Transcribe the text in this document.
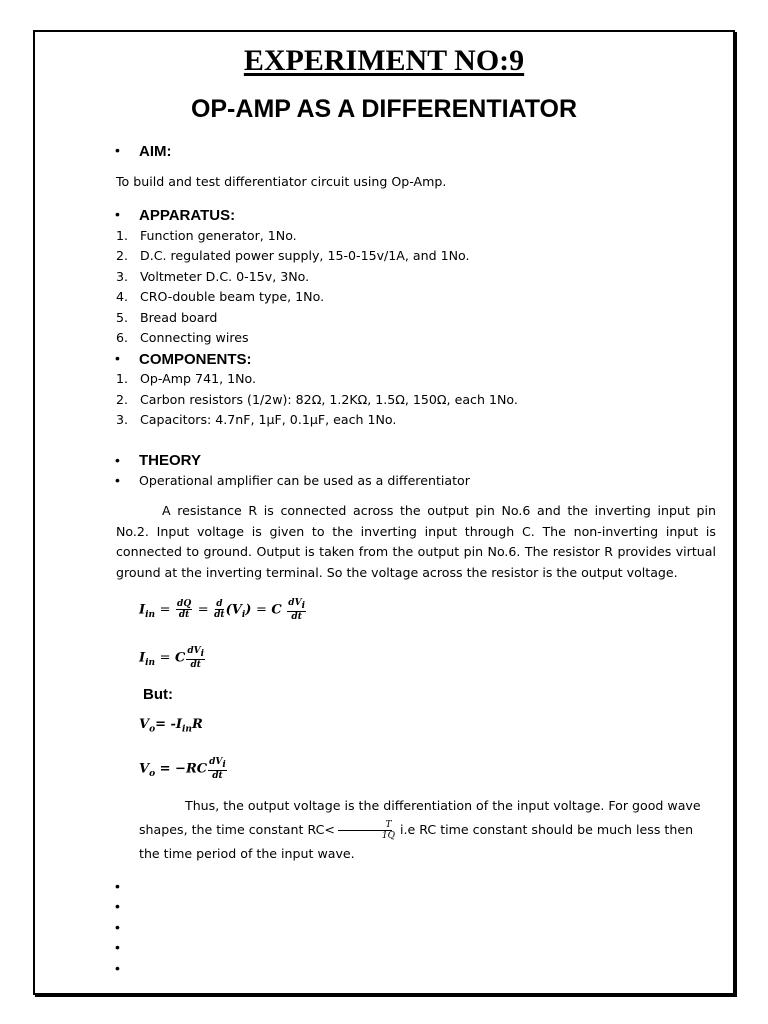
EXPERIMENT NO:9
OP-AMP AS A DIFFERENTIATOR
• AIM:
To build and test differentiator circuit using Op-Amp.
• APPARATUS:
1. Function generator, 1No.
2. D.C. regulated power supply, 15-0-15v/1A, and 1No.
3. Voltmeter D.C. 0-15v, 3No.
4. CRO-double beam type, 1No.
5. Bread board
6. Connecting wires
• COMPONENTS:
1. Op-Amp 741, 1No.
2. Carbon resistors (1/2w): 82Ω, 1.2KΩ, 1.5Ω, 150Ω, each 1No.
3. Capacitors: 4.7nF, 1μF, 0.1μF, each 1No.
• THEORY
• Operational amplifier can be used as a differentiator
A resistance R is connected across the output pin No.6 and the inverting input pin No.2. Input voltage is given to the inverting input through C. The non-inverting input is connected to ground. Output is taken from the output pin No.6. The resistor R provides virtual ground at the inverting terminal. So the voltage across the resistor is the output voltage.
$I_{in} = \frac{dQ}{dt} = \frac{d}{dt} (V_i) = C \frac{dV_i}{dt}$
$I_{in} = C \frac{dV_i}{dt}$
But:
$V_o= -I_{in}R$
$V_o = -RC \frac{dV_i}{dt}$
Thus, the output voltage is the differentiation of the input voltage. For good wave shapes, the time constant $RC< \frac{T}{1Q} i.e$ RC time constant should be much less then the time period of the input wave.
•
•
•
•
•
